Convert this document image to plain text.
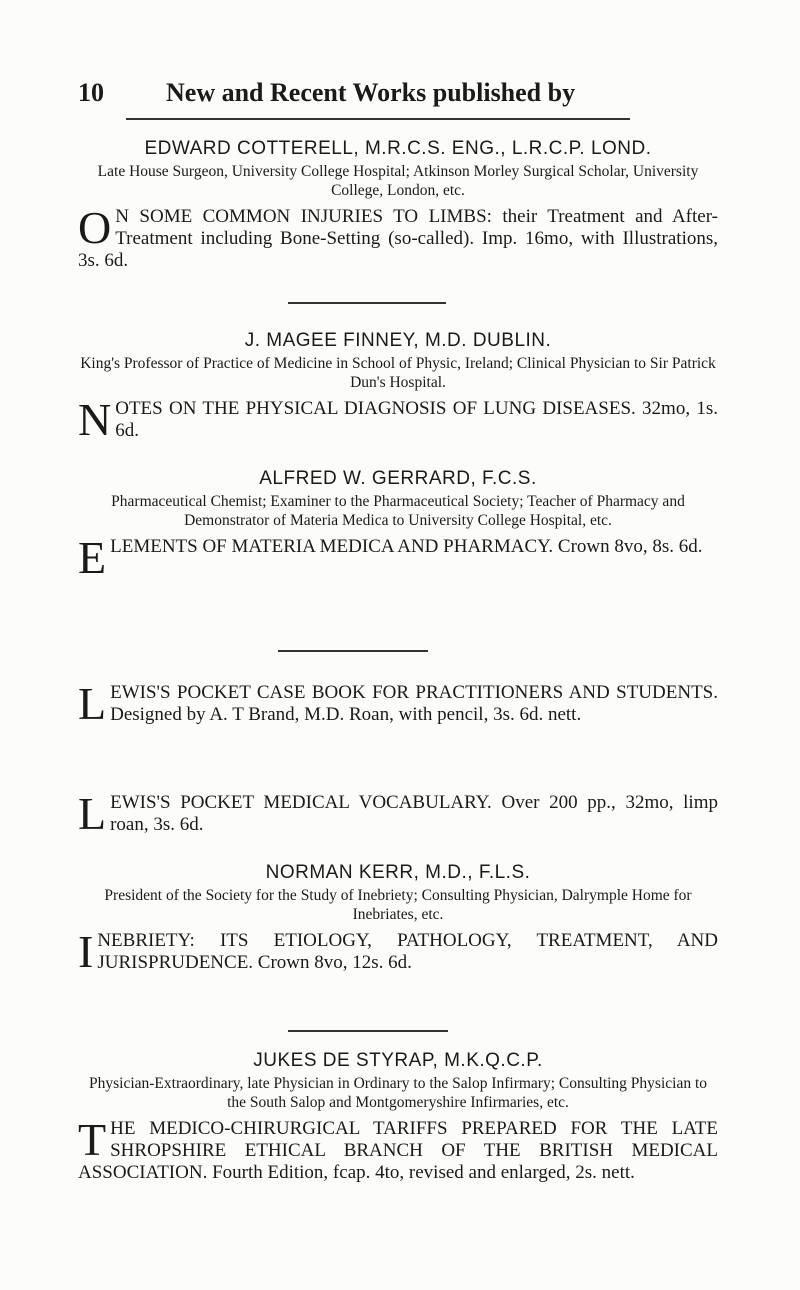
10 New and Recent Works published by

EDWARD COTTERELL, M.R.C.S. ENG., L.R.C.P. LOND.

Late House Surgeon, University College Hospital; Atkinson Morley Surgical Scholar, University College, London, etc.

O N SOME COMMON INJURIES TO LIMBS: their Treatment and After-Treatment including Bone-Setting (so-called). Imp. 16mo, with Illustrations, 3s. 6d.

J. MAGEE FINNEY, M.D. DUBLIN.

King's Professor of Practice of Medicine in School of Physic, Ireland; Clinical Physician to Sir Patrick Dun's Hospital.

NOTES ON THE PHYSICAL DIAGNOSIS OF LUNG DISEASES. 32mo, 1s. 6d.

ALFRED W. GERRARD, F.C.S.

Pharmaceutical Chemist; Examiner to the Pharmaceutical Society; Teacher of Pharmacy and Demonstrator of Materia Medica to University College Hospital, etc.

ELEMENTS OF MATERIA MEDICA AND PHARMACY. Crown 8vo, 8s. 6d.

LEWIS'S POCKET CASE BOOK FOR PRACTITIONERS AND STUDENTS. Designed by A. T Brand, M.D. Roan, with pencil, 3s. 6d. nett.

LEWIS'S POCKET MEDICAL VOCABULARY. Over 200 pp., 32mo, limp roan, 3s. 6d.

NORMAN KERR, M.D., F.L.S.

President of the Society for the Study of Inebriety; Consulting Physician, Dalrymple Home for Inebriates, etc.

INEBRIETY: ITS ETIOLOGY, PATHOLOGY, TREATMENT, AND JURISPRUDENCE. Crown 8vo, 12s. 6d.

JUKES DE STYRAP, M.K.Q.C.P.

Physician-Extraordinary, late Physician in Ordinary to the Salop Infirmary; Consulting Physician to the South Salop and Montgomeryshire Infirmaries, etc.

THE MEDICO-CHIRURGICAL TARIFFS PREPARED FOR THE LATE SHROPSHIRE ETHICAL BRANCH OF THE BRITISH MEDICAL ASSOCIATION. Fourth Edition, fcap. 4to, revised and enlarged, 2s. nett.
